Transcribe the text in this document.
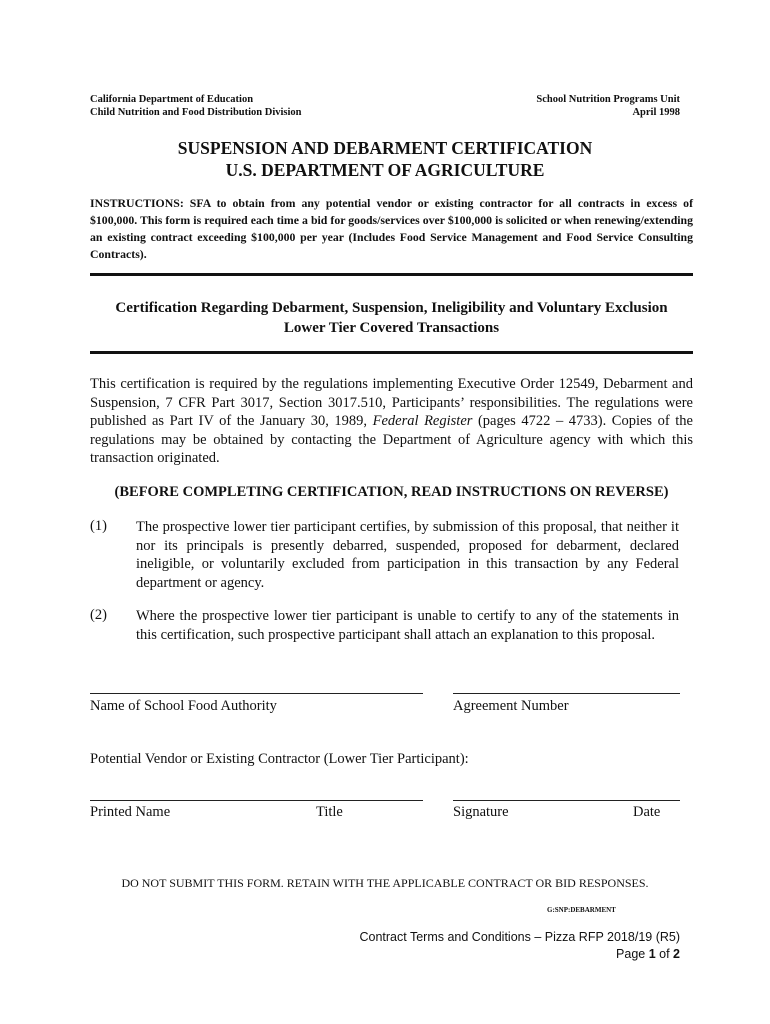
California Department of Education
Child Nutrition and Food Distribution Division
School Nutrition Programs Unit
April 1998
SUSPENSION AND DEBARMENT CERTIFICATION
U.S. DEPARTMENT OF AGRICULTURE
INSTRUCTIONS: SFA to obtain from any potential vendor or existing contractor for all contracts in excess of $100,000. This form is required each time a bid for goods/services over $100,000 is solicited or when renewing/extending an existing contract exceeding $100,000 per year (Includes Food Service Management and Food Service Consulting Contracts).
Certification Regarding Debarment, Suspension, Ineligibility and Voluntary Exclusion
Lower Tier Covered Transactions
This certification is required by the regulations implementing Executive Order 12549, Debarment and Suspension, 7 CFR Part 3017, Section 3017.510, Participants’ responsibilities. The regulations were published as Part IV of the January 30, 1989, Federal Register (pages 4722 – 4733). Copies of the regulations may be obtained by contacting the Department of Agriculture agency with which this transaction originated.
(BEFORE COMPLETING CERTIFICATION, READ INSTRUCTIONS ON REVERSE)
(1) The prospective lower tier participant certifies, by submission of this proposal, that neither it nor its principals is presently debarred, suspended, proposed for debarment, declared ineligible, or voluntarily excluded from participation in this transaction by any Federal department or agency.
(2) Where the prospective lower tier participant is unable to certify to any of the statements in this certification, such prospective participant shall attach an explanation to this proposal.
Name of School Food Authority	Agreement Number
Potential Vendor or Existing Contractor (Lower Tier Participant):
Printed Name	Title	Signature	Date
DO NOT SUBMIT THIS FORM. RETAIN WITH THE APPLICABLE CONTRACT OR BID RESPONSES.
G:SNP:DEBARMENT
Contract Terms and Conditions – Pizza RFP 2018/19 (R5)
Page 1 of 2
